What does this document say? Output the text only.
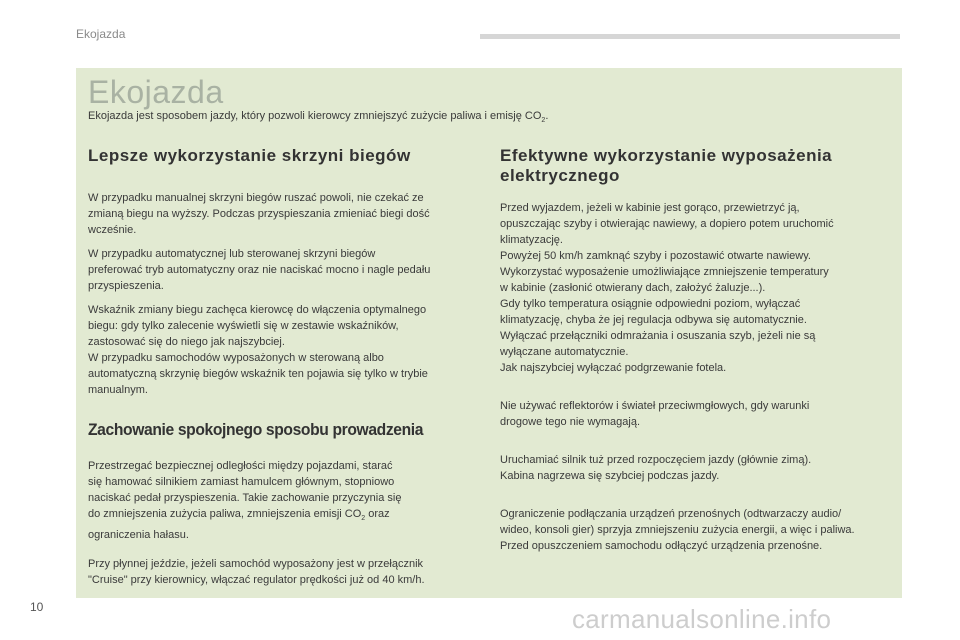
Ekojazda
Ekojazda

Ekojazda jest sposobem jazdy, który pozwoli kierowcy zmniejszyć zużycie paliwa i emisję $CO_2$.

Lepsze wykorzystanie skrzyni biegów

W przypadku manualnej skrzyni biegów ruszać powoli, nie czekać ze
zmianą biegu na wyższy. Podczas przyspieszania zmieniać biegi dość
wcześnie.

W przypadku automatycznej lub sterowanej skrzyni biegów
preferować tryb automatyczny oraz nie naciskać mocno i nagle pedału
przyspieszenia.

Wskaźnik zmiany biegu zachęca kierowcę do włączenia optymalnego
biegu: gdy tylko zalecenie wyświetli się w zestawie wskaźników,
zastosować się do niego jak najszybciej.
W przypadku samochodów wyposażonych w sterowaną albo
automatyczną skrzynię biegów wskaźnik ten pojawia się tylko w trybie
manualnym.

Zachowanie spokojnego sposobu prowadzenia

Przestrzegać bezpiecznej odległości między pojazdami, starać
się hamować silnikiem zamiast hamulcem głównym, stopniowo
naciskać pedał przyspieszenia. Takie zachowanie przyczynia się
do zmniejszenia zużycia paliwa, zmniejszenia emisji $CO_2$ oraz
ograniczenia hałasu.

Przy płynnej jeździe, jeżeli samochód wyposażony jest w przełącznik
"Cruise" przy kierownicy, włączać regulator prędkości już od 40 km/h.

Efektywne wykorzystanie wyposażenia
elektrycznego

Przed wyjazdem, jeżeli w kabinie jest gorąco, przewietrzyć ją,
opuszczając szyby i otwierając nawiewy, a dopiero potem uruchomić
klimatyzację.
Powyżej 50 km/h zamknąć szyby i pozostawić otwarte nawiewy.
Wykorzystać wyposażenie umożliwiające zmniejszenie temperatury
w kabinie (zasłonić otwierany dach, założyć żaluzje...).
Gdy tylko temperatura osiągnie odpowiedni poziom, wyłączać
klimatyzację, chyba że jej regulacja odbywa się automatycznie.
Wyłączać przełączniki odmrażania i osuszania szyb, jeżeli nie są
wyłączane automatycznie.
Jak najszybciej wyłączać podgrzewanie fotela.

Nie używać reflektorów i świateł przeciwmgłowych, gdy warunki
drogowe tego nie wymagają.

Uruchamiać silnik tuż przed rozpoczęciem jazdy (głównie zimą).
Kabina nagrzewa się szybciej podczas jazdy.

Ograniczenie podłączania urządzeń przenośnych (odtwarzaczy audio/
wideo, konsoli gier) sprzyja zmniejszeniu zużycia energii, a więc i paliwa.
Przed opuszczeniem samochodu odłączyć urządzenia przenośne.

10	carmanualsonline.info
